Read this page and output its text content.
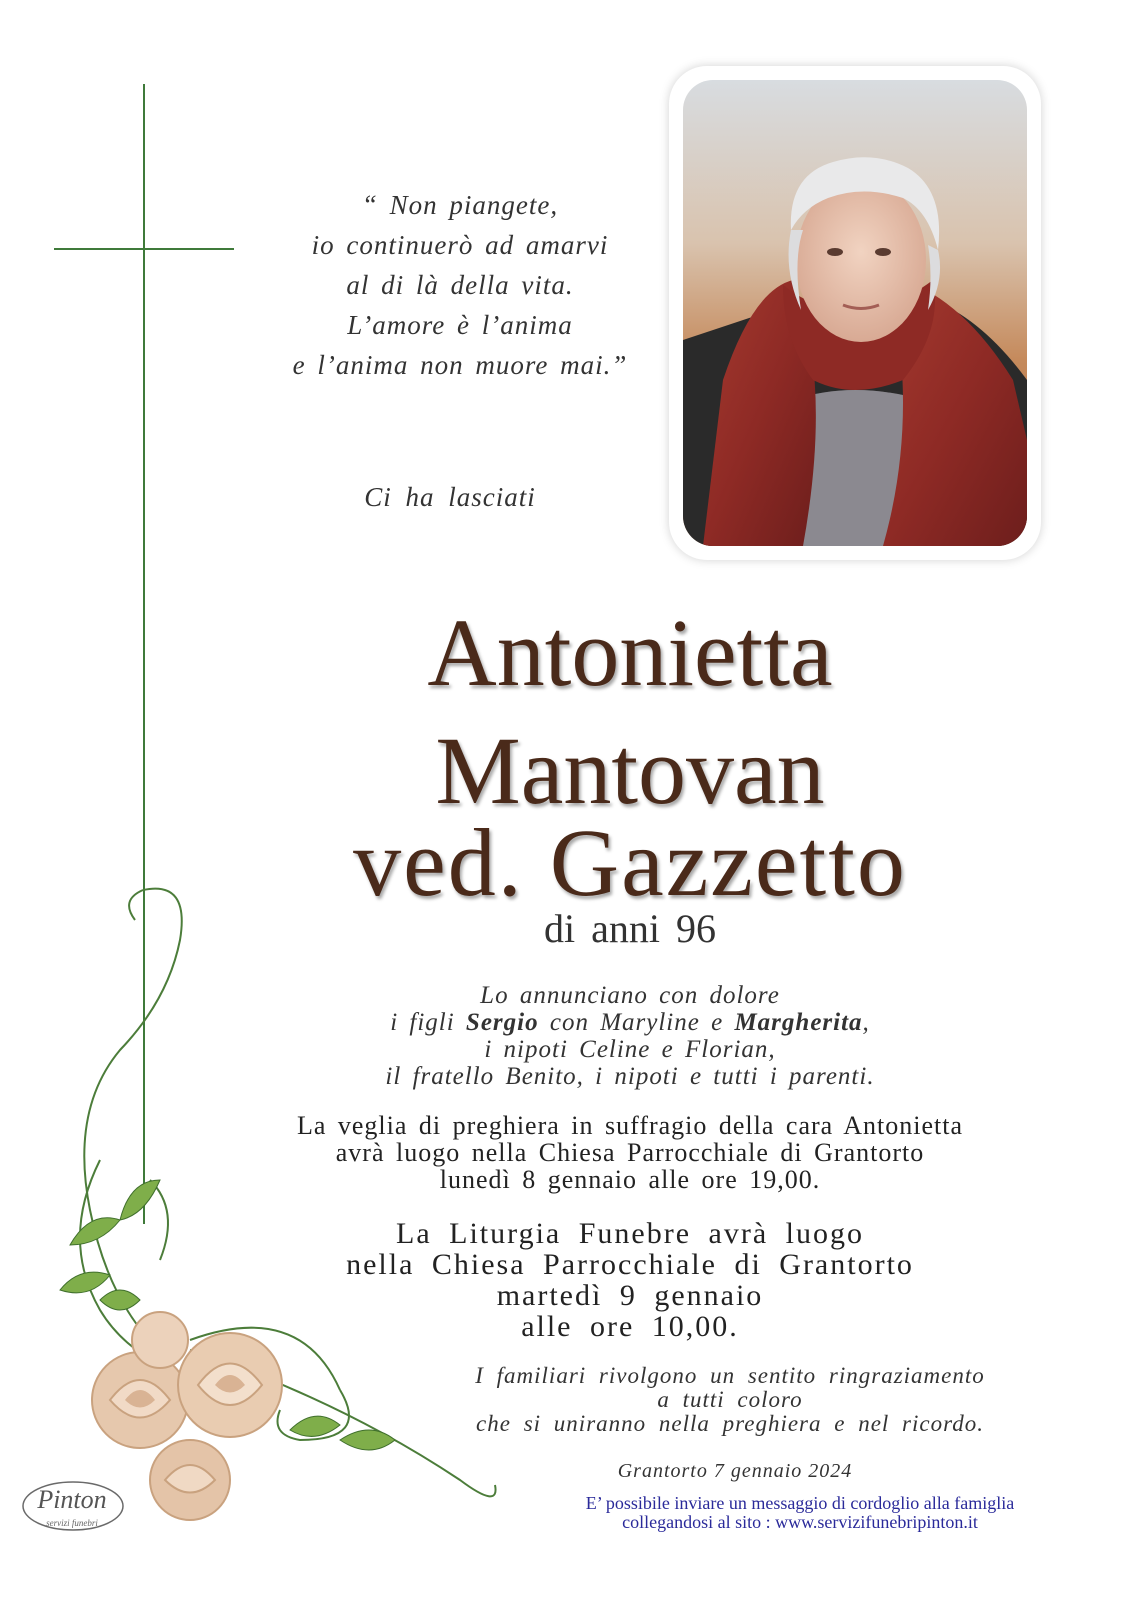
“ Non piangete,
io continuerò ad amarvi
al di là della vita.
L’amore è l’anima
e l’anima non muore mai.”
Ci ha lasciati
Antonietta
Mantovan
ved. Gazzetto
di anni 96
Lo annunciano con dolore
i figli Sergio con Maryline e Margherita,
i nipoti Celine e Florian,
il fratello Benito, i nipoti e tutti i parenti.
La veglia di preghiera in suffragio della cara Antonietta
avrà luogo nella Chiesa Parrocchiale di Grantorto
lunedì 8 gennaio alle ore 19,00.
La Liturgia Funebre avrà luogo
nella Chiesa Parrocchiale di Grantorto
martedì 9 gennaio
alle ore 10,00.
I familiari rivolgono un sentito ringraziamento
a tutti coloro
che si uniranno nella preghiera e nel ricordo.
Grantorto 7 gennaio 2024
E’ possibile inviare un messaggio di cordoglio alla famiglia
collegandosi al sito : www.servizifunebripinton.it
Pinton
servizi funebri
